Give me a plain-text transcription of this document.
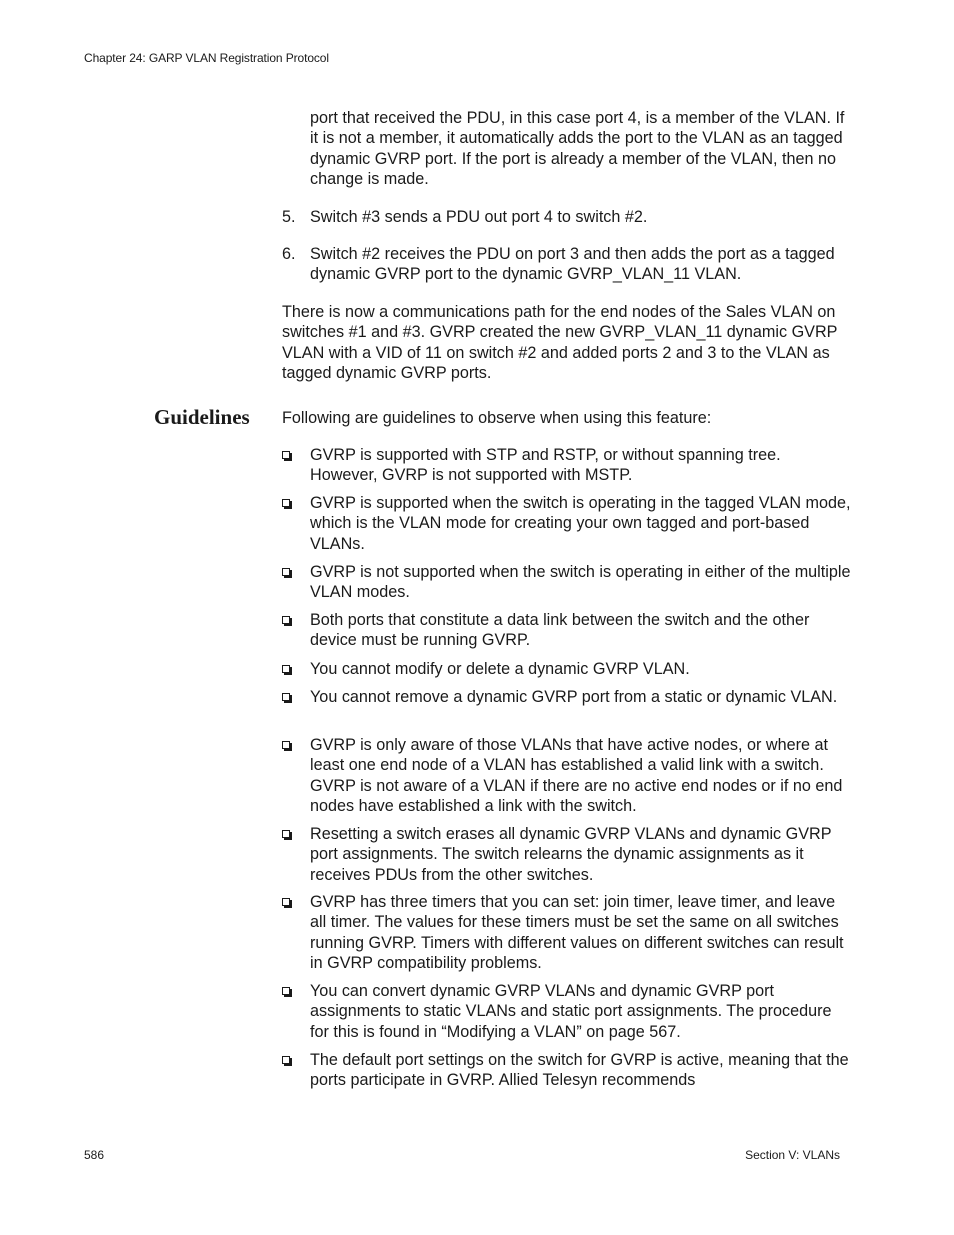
Chapter 24: GARP VLAN Registration Protocol

port that received the PDU, in this case port 4, is a member of the VLAN. If it is not a member, it automatically adds the port to the VLAN as an tagged dynamic GVRP port. If the port is already a member of the VLAN, then no change is made.

5. Switch #3 sends a PDU out port 4 to switch #2.
6. Switch #2 receives the PDU on port 3 and then adds the port as a tagged dynamic GVRP port to the dynamic GVRP_VLAN_11 VLAN.

There is now a communications path for the end nodes of the Sales VLAN on switches #1 and #3. GVRP created the new GVRP_VLAN_11 dynamic GVRP VLAN with a VID of 11 on switch #2 and added ports 2 and 3 to the VLAN as tagged dynamic GVRP ports.

Guidelines Following are guidelines to observe when using this feature:

GVRP is supported with STP and RSTP, or without spanning tree. However, GVRP is not supported with MSTP.
GVRP is supported when the switch is operating in the tagged VLAN mode, which is the VLAN mode for creating your own tagged and port-based VLANs.
GVRP is not supported when the switch is operating in either of the multiple VLAN modes.
Both ports that constitute a data link between the switch and the other device must be running GVRP.
You cannot modify or delete a dynamic GVRP VLAN.
You cannot remove a dynamic GVRP port from a static or dynamic VLAN.
GVRP is only aware of those VLANs that have active nodes, or where at least one end node of a VLAN has established a valid link with a switch. GVRP is not aware of a VLAN if there are no active end nodes or if no end nodes have established a link with the switch.
Resetting a switch erases all dynamic GVRP VLANs and dynamic GVRP port assignments. The switch relearns the dynamic assignments as it receives PDUs from the other switches.
GVRP has three timers that you can set: join timer, leave timer, and leave all timer. The values for these timers must be set the same on all switches running GVRP. Timers with different values on different switches can result in GVRP compatibility problems.
You can convert dynamic GVRP VLANs and dynamic GVRP port assignments to static VLANs and static port assignments. The procedure for this is found in “Modifying a VLAN” on page 567.
The default port settings on the switch for GVRP is active, meaning that the ports participate in GVRP. Allied Telesyn recommends
586	Section V: VLANs
